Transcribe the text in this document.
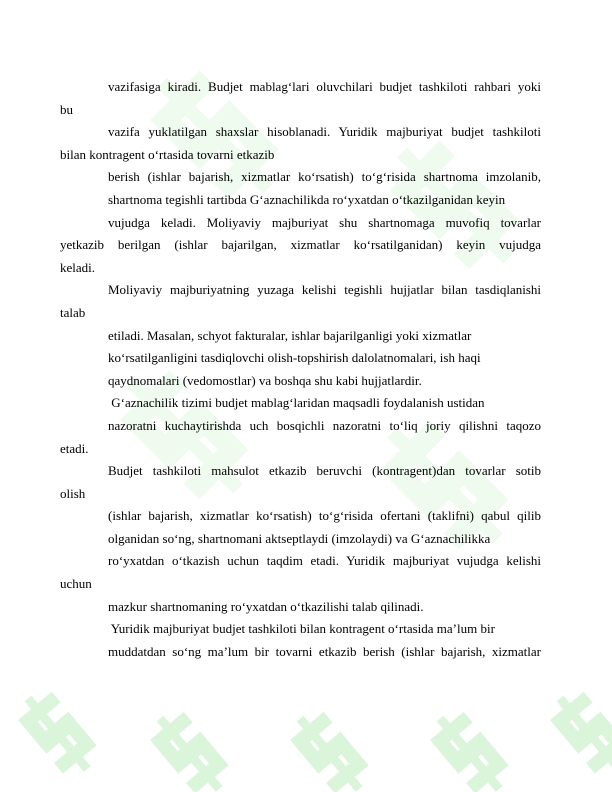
vazifasiga kiradi. Budjet mablag‘lari oluvchilari budjet tashkiloti rahbari yoki
bu
vazifa yuklatilgan shaxslar hisoblanadi. Yuridik majburiyat budjet tashkiloti
bilan kontragent o‘rtasida tovarni etkazib
berish (ishlar bajarish, xizmatlar ko‘rsatish) to‘g‘risida shartnoma imzolanib,
shartnoma tegishli tartibda G‘aznachilikda ro‘yxatdan o‘tkazilganidan keyin
vujudga keladi. Moliyaviy majburiyat shu shartnomaga muvofiq tovarlar
yetkazib berilgan (ishlar bajarilgan, xizmatlar ko‘rsatilganidan) keyin vujudga
keladi.
Moliyaviy majburiyatning yuzaga kelishi tegishli hujjatlar bilan tasdiqlanishi
talab
etiladi. Masalan, schyot fakturalar, ishlar bajarilganligi yoki xizmatlar
ko‘rsatilganligini tasdiqlovchi olish-topshirish dalolatnomalari, ish haqi
qaydnomalari (vedomostlar) va boshqa shu kabi hujjatlardir.
G‘aznachilik tizimi budjet mablag‘laridan maqsadli foydalanish ustidan
nazoratni kuchaytirishda uch bosqichli nazoratni to‘liq joriy qilishni taqozo
etadi.
Budjet tashkiloti mahsulot etkazib beruvchi (kontragent)dan tovarlar sotib
olish
(ishlar bajarish, xizmatlar ko‘rsatish) to‘g‘risida ofertani (taklifni) qabul qilib
olganidan so‘ng, shartnomani aktseptlaydi (imzolaydi) va G‘aznachilikka
ro‘yxatdan o‘tkazish uchun taqdim etadi. Yuridik majburiyat vujudga kelishi
uchun
mazkur shartnomaning ro‘yxatdan o‘tkazilishi talab qilinadi.
Yuridik majburiyat budjet tashkiloti bilan kontragent o‘rtasida ma’lum bir
muddatdan so‘ng ma’lum bir tovarni etkazib berish (ishlar bajarish, xizmatlar
